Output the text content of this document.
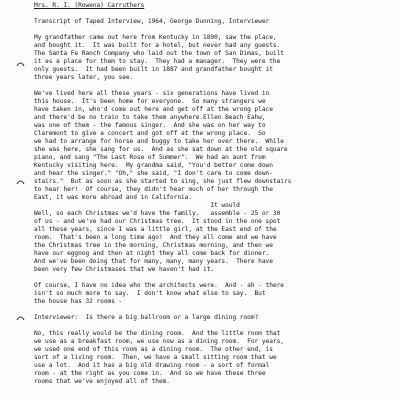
Mrs. R. I. (Rowena) Carruthers
Transcript of Taped Interview, 1964, George Dunning, Interviewer
My grandfather came out here from Kentucky in 1890, saw the place,
and bought it.  It was built for a hotel, but never had any guests.
The Santa Fe Ranch Company who laid out the town of San Dimas, built
it as a place for them to stay.  They had a manager.  They were the
only guests.  It had been built in 1887 and grandfather bought it
three years later, you see.
We've lived here all these years - six generations have lived in
this house.  It's been home for everyone.  So many strangers we
have taken in, who'd come out here and get off at the wrong place
and there'd be no train to take them anywhere.Ellen Beach Eahw,
was one of them - the famous singer.  And she was on her way to
Claremont to give a concert and got off at the wrong place.  So
we had to arrange for horse and buggy to take her over there.  While
she was here, she sang for us.  And as she sat down at the old square
piano, and sang "The Last Rose of Summer".  We had an aunt from
Kentucky visiting here.  My grandma said, "You'd better come down
and hear the singer." "Oh," she said, "I don't care to come down-
stairs."  But as soon as she started to sing, she just flew downstairs
to hear her!  Of course, they didn't hear much of her through the
East, it was more abroad and in California.
It would
Well, so each Christmas we'd have the family.   assemble - 25 or 30
of us - and we've had our Christmas tree.  It stood in the one spot
all these years, since I was a little girl, at the East end of the
room.  That's been a long time ago!  And they all come and we have
the Christmas tree in the morning, Christmas morning, and then we
have our eggnog and then at night they all come back for dinner.
And we've been doing that for many, many, many years.  There have
been very few Christmases that we haven't had it.
Of course, I have no idea who the architects were.  And - ah - there
isn't so much more to say.  I don't know what else to say.  But
the house has 32 rooms -
Interviewer:  Is there a big ballroom or a large dining room?
No, this really would be the dining room.  And the little room that
we use as a breakfast room, we use now as a dining room.  For years,
we used one end of this room as a dining room.  The other end, is
sort of a living room.  Then, we have a small sitting room that we
use a lot.  And it has a big old drawing room - a sort of formal
room - at the right as you come in.  And so we have these three
rooms that we've enjoyed all of them.
